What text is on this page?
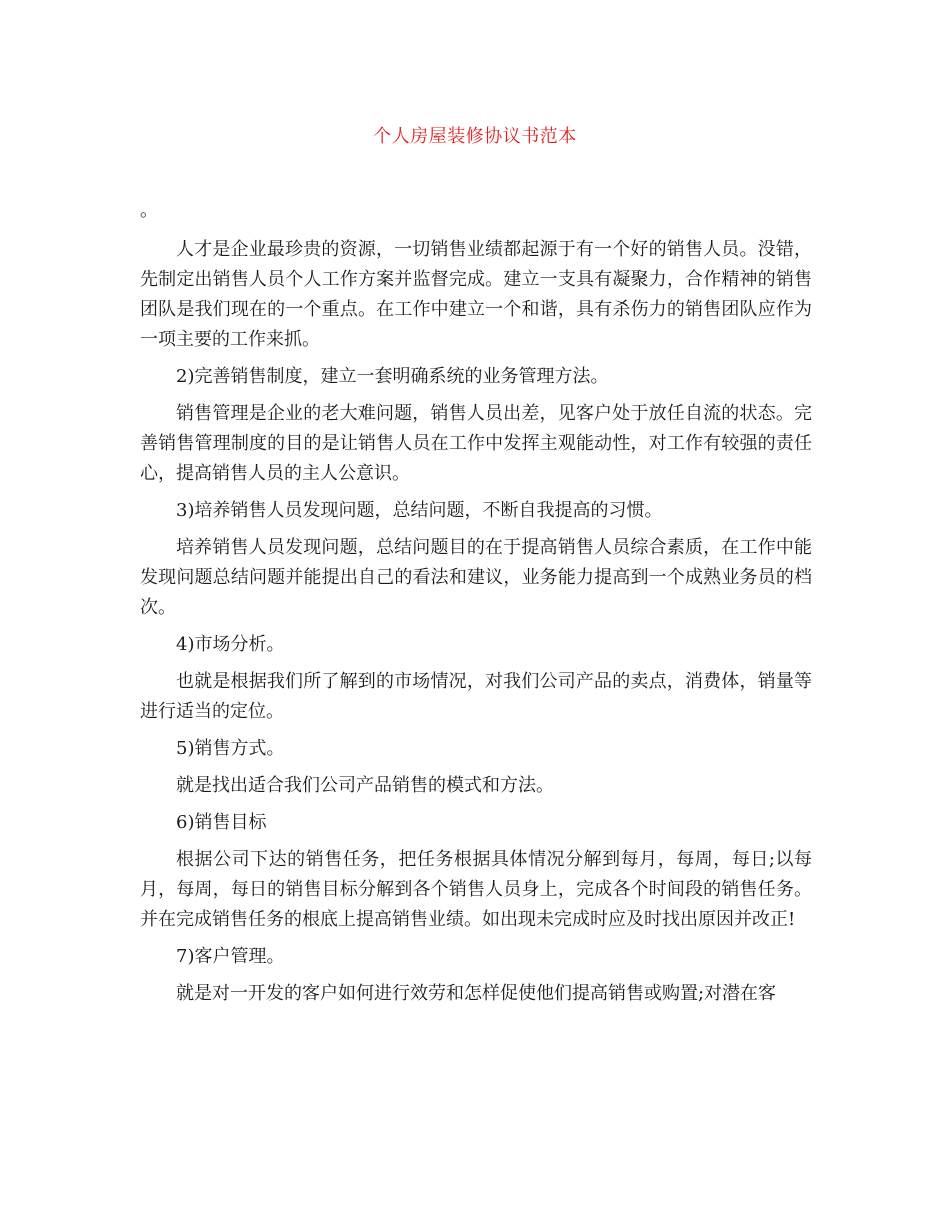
个人房屋装修协议书范本

。

人才是企业最珍贵的资源，一切销售业绩都起源于有一个好的销售人员。没错，先制定出销售人员个人工作方案并监督完成。建立一支具有凝聚力，合作精神的销售团队是我们现在的一个重点。在工作中建立一个和谐，具有杀伤力的销售团队应作为一项主要的工作来抓。

2)完善销售制度，建立一套明确系统的业务管理方法。

销售管理是企业的老大难问题，销售人员出差，见客户处于放任自流的状态。完善销售管理制度的目的是让销售人员在工作中发挥主观能动性，对工作有较强的责任心，提高销售人员的主人公意识。

3)培养销售人员发现问题，总结问题，不断自我提高的习惯。

培养销售人员发现问题，总结问题目的在于提高销售人员综合素质，在工作中能发现问题总结问题并能提出自己的看法和建议，业务能力提高到一个成熟业务员的档次。

4)市场分析。

也就是根据我们所了解到的市场情况，对我们公司产品的卖点，消费体，销量等进行适当的定位。

5)销售方式。

就是找出适合我们公司产品销售的模式和方法。

6)销售目标

根据公司下达的销售任务，把任务根据具体情况分解到每月，每周，每日;以每月，每周，每日的销售目标分解到各个销售人员身上，完成各个时间段的销售任务。并在完成销售任务的根底上提高销售业绩。如出现未完成时应及时找出原因并改正!

7)客户管理。

就是对一开发的客户如何进行效劳和怎样促使他们提高销售或购置;对潜在客
